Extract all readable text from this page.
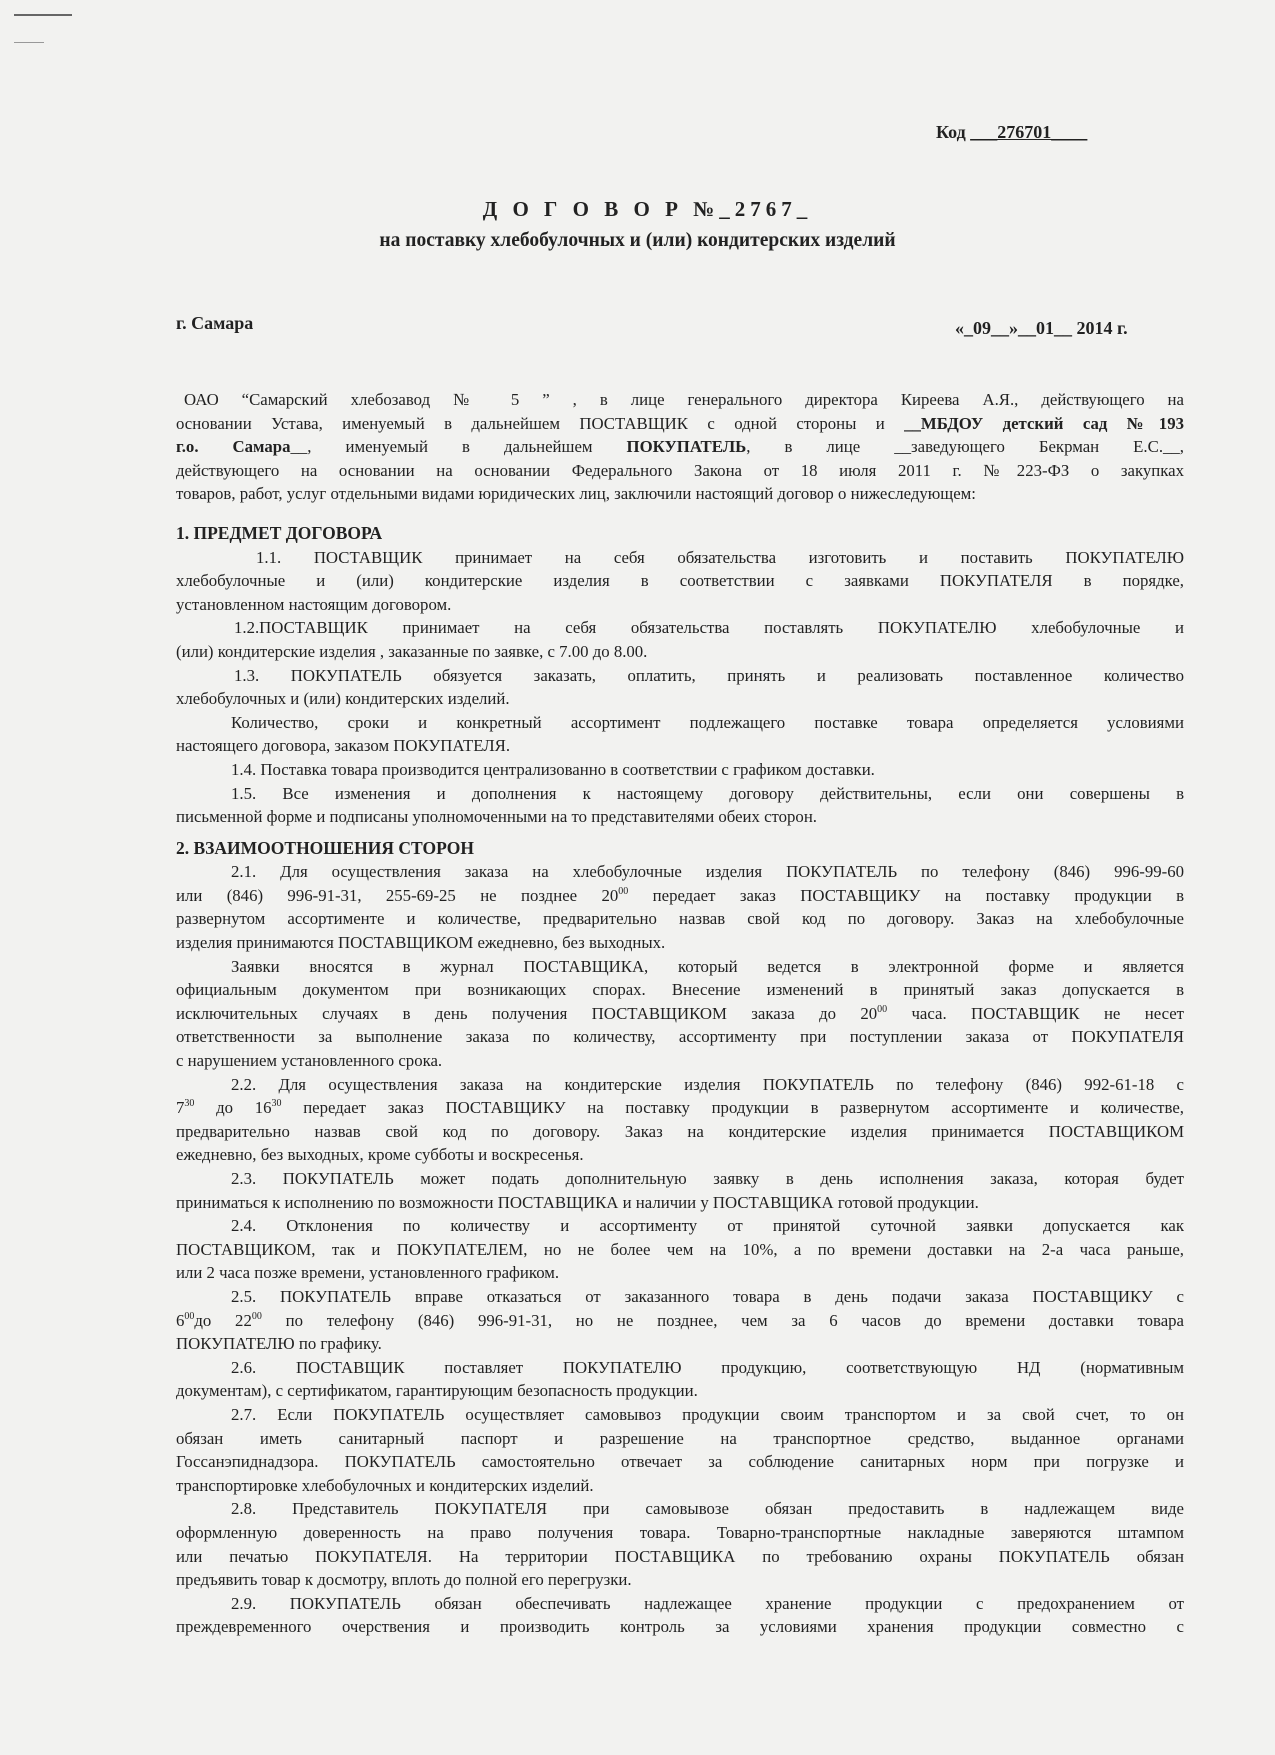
Код ___276701____
Д О Г О В О Р №_2767_
на поставку хлебобулочных и (или) кондитерских изделий
г. Самара	«_09__»__01__ 2014 г.
ОАО “Самарский хлебозавод № 5 ” , в лице генерального директора Киреева А.Я., действующего на
основании Устава, именуемый в дальнейшем ПОСТАВЩИК с одной стороны и __МБДОУ детский сад №193
г.о. Самара__, именуемый в дальнейшем ПОКУПАТЕЛЬ, в лице __заведующего Бекрман Е.С.__,
действующего на основании на основании Федерального Закона от 18 июля 2011 г. №223-ФЗ о закупках
товаров, работ, услуг отдельными видами юридических лиц, заключили настоящий договор о нижеследующем:
1. ПРЕДМЕТ ДОГОВОРА
1.1. ПОСТАВЩИК принимает на себя обязательства изготовить и поставить ПОКУПАТЕЛЮ
хлебобулочные и (или) кондитерские изделия в соответствии с заявками ПОКУПАТЕЛЯ в порядке,
установленном настоящим договором.
1.2.ПОСТАВЩИК принимает на себя обязательства поставлять ПОКУПАТЕЛЮ хлебобулочные и
(или) кондитерские изделия , заказанные по заявке, с 7.00 до 8.00.
1.3. ПОКУПАТЕЛЬ обязуется заказать, оплатить, принять и реализовать поставленное количество
хлебобулочных и (или) кондитерских изделий.
Количество, сроки и конкретный ассортимент подлежащего поставке товара определяется условиями
настоящего договора, заказом ПОКУПАТЕЛЯ.
1.4. Поставка товара производится централизованно в соответствии с графиком доставки.
1.5. Все изменения и дополнения к настоящему договору действительны, если они совершены в
письменной форме и подписаны уполномоченными на то представителями обеих сторон.
2. ВЗАИМООТНОШЕНИЯ СТОРОН
2.1. Для осуществления заказа на хлебобулочные изделия ПОКУПАТЕЛЬ по телефону (846) 996-99-60
или (846) 996-91-31, 255-69-25 не позднее $20^{00}$ передает заказ ПОСТАВЩИКУ на поставку продукции в
развернутом ассортименте и количестве, предварительно назвав свой код по договору. Заказ на хлебобулочные
изделия принимаются ПОСТАВЩИКОМ ежедневно, без выходных.
Заявки вносятся в журнал ПОСТАВЩИКА, который ведется в электронной форме и является
официальным документом при возникающих спорах. Внесение изменений в принятый заказ допускается в
исключительных случаях в день получения ПОСТАВЩИКОМ заказа до $20^{00}$ часа. ПОСТАВЩИК не несет
ответственности за выполнение заказа по количеству, ассортименту при поступлении заказа от ПОКУПАТЕЛЯ
с нарушением установленного срока.
2.2. Для осуществления заказа на кондитерские изделия ПОКУПАТЕЛЬ по телефону (846) 992-61-18 с
$7^{30}$ до $16^{30}$ передает заказ ПОСТАВЩИКУ на поставку продукции в развернутом ассортименте и количестве,
предварительно назвав свой код по договору. Заказ на кондитерские изделия принимается ПОСТАВЩИКОМ
ежедневно, без выходных, кроме субботы и воскресенья.
2.3. ПОКУПАТЕЛЬ может подать дополнительную заявку в день исполнения заказа, которая будет
приниматься к исполнению по возможности ПОСТАВЩИКА и наличии у ПОСТАВЩИКА готовой продукции.
2.4. Отклонения по количеству и ассортименту от принятой суточной заявки допускается как
ПОСТАВЩИКОМ, так и ПОКУПАТЕЛЕМ, но не более чем на 10%, а по времени доставки на 2-а часа раньше,
или 2 часа позже времени, установленного графиком.
2.5. ПОКУПАТЕЛЬ вправе отказаться от заказанного товара в день подачи заказа ПОСТАВЩИКУ с
$6^{00}до$ $22^{00}$ по телефону (846) 996-91-31, но не позднее, чем за 6 часов до времени доставки товара
ПОКУПАТЕЛЮ по графику.
2.6. ПОСТАВЩИК поставляет ПОКУПАТЕЛЮ продукцию, соответствующую НД (нормативным
документам), с сертификатом, гарантирующим безопасность продукции.
2.7. Если ПОКУПАТЕЛЬ осуществляет самовывоз продукции своим транспортом и за свой счет, то он
обязан иметь санитарный паспорт и разрешение на транспортное средство, выданное органами
Госсанэпиднадзора. ПОКУПАТЕЛЬ самостоятельно отвечает за соблюдение санитарных норм при погрузке и
транспортировке хлебобулочных и кондитерских изделий.
2.8. Представитель ПОКУПАТЕЛЯ при самовывозе обязан предоставить в надлежащем виде
оформленную доверенность на право получения товара. Товарно-транспортные накладные заверяются штампом
или печатью ПОКУПАТЕЛЯ. На территории ПОСТАВЩИКА по требованию охраны ПОКУПАТЕЛЬ обязан
предъявить товар к досмотру, вплоть до полной его перегрузки.
2.9. ПОКУПАТЕЛЬ обязан обеспечивать надлежащее хранение продукции с предохранением от
преждевременного очерствения и производить контроль за условиями хранения продукции совместно с
